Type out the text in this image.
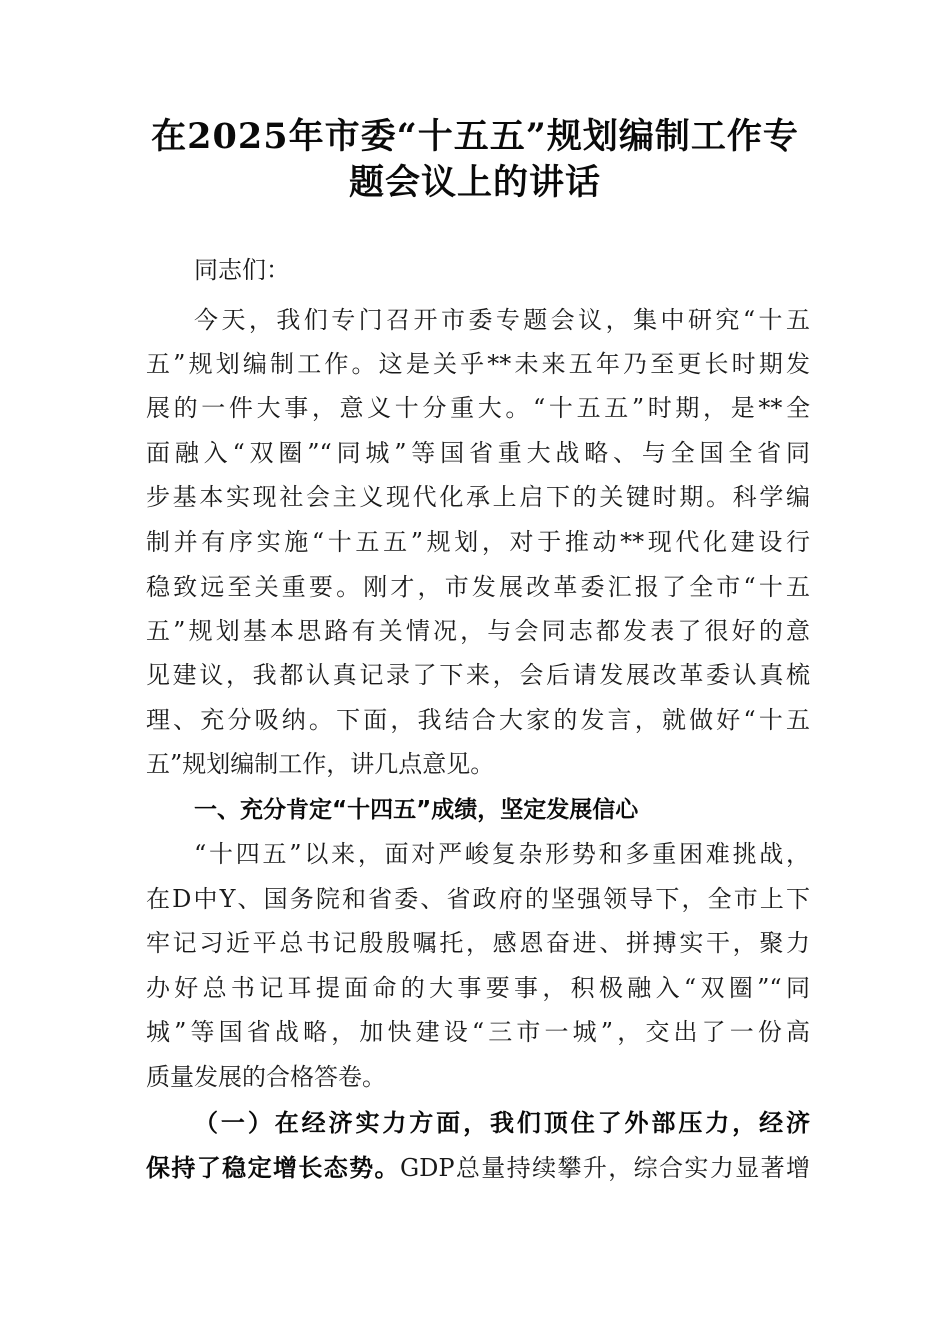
在2025年市委“十五五”规划编制工作专
题会议上的讲话
同志们：
今天，我们专门召开市委专题会议，集中研究“十五
五”规划编制工作。这是关乎**未来五年乃至更长时期发
展的一件大事，意义十分重大。“十五五”时期，是**全
面融入“双圈”“同城”等国省重大战略、与全国全省同
步基本实现社会主义现代化承上启下的关键时期。科学编
制并有序实施“十五五”规划，对于推动**现代化建设行
稳致远至关重要。刚才，市发展改革委汇报了全市“十五
五”规划基本思路有关情况，与会同志都发表了很好的意
见建议，我都认真记录了下来，会后请发展改革委认真梳
理、充分吸纳。下面，我结合大家的发言，就做好“十五
五”规划编制工作，讲几点意见。
一、充分肯定“十四五”成绩，坚定发展信心
“十四五”以来，面对严峻复杂形势和多重困难挑战，
在D中Y、国务院和省委、省政府的坚强领导下，全市上下
牢记习近平总书记殷殷嘱托，感恩奋进、拼搏实干，聚力
办好总书记耳提面命的大事要事，积极融入“双圈”“同
城”等国省战略，加快建设“三市一城”，交出了一份高
质量发展的合格答卷。
（一）在经济实力方面，我们顶住了外部压力，经济
保持了稳定增长态势。GDP总量持续攀升，综合实力显著增
